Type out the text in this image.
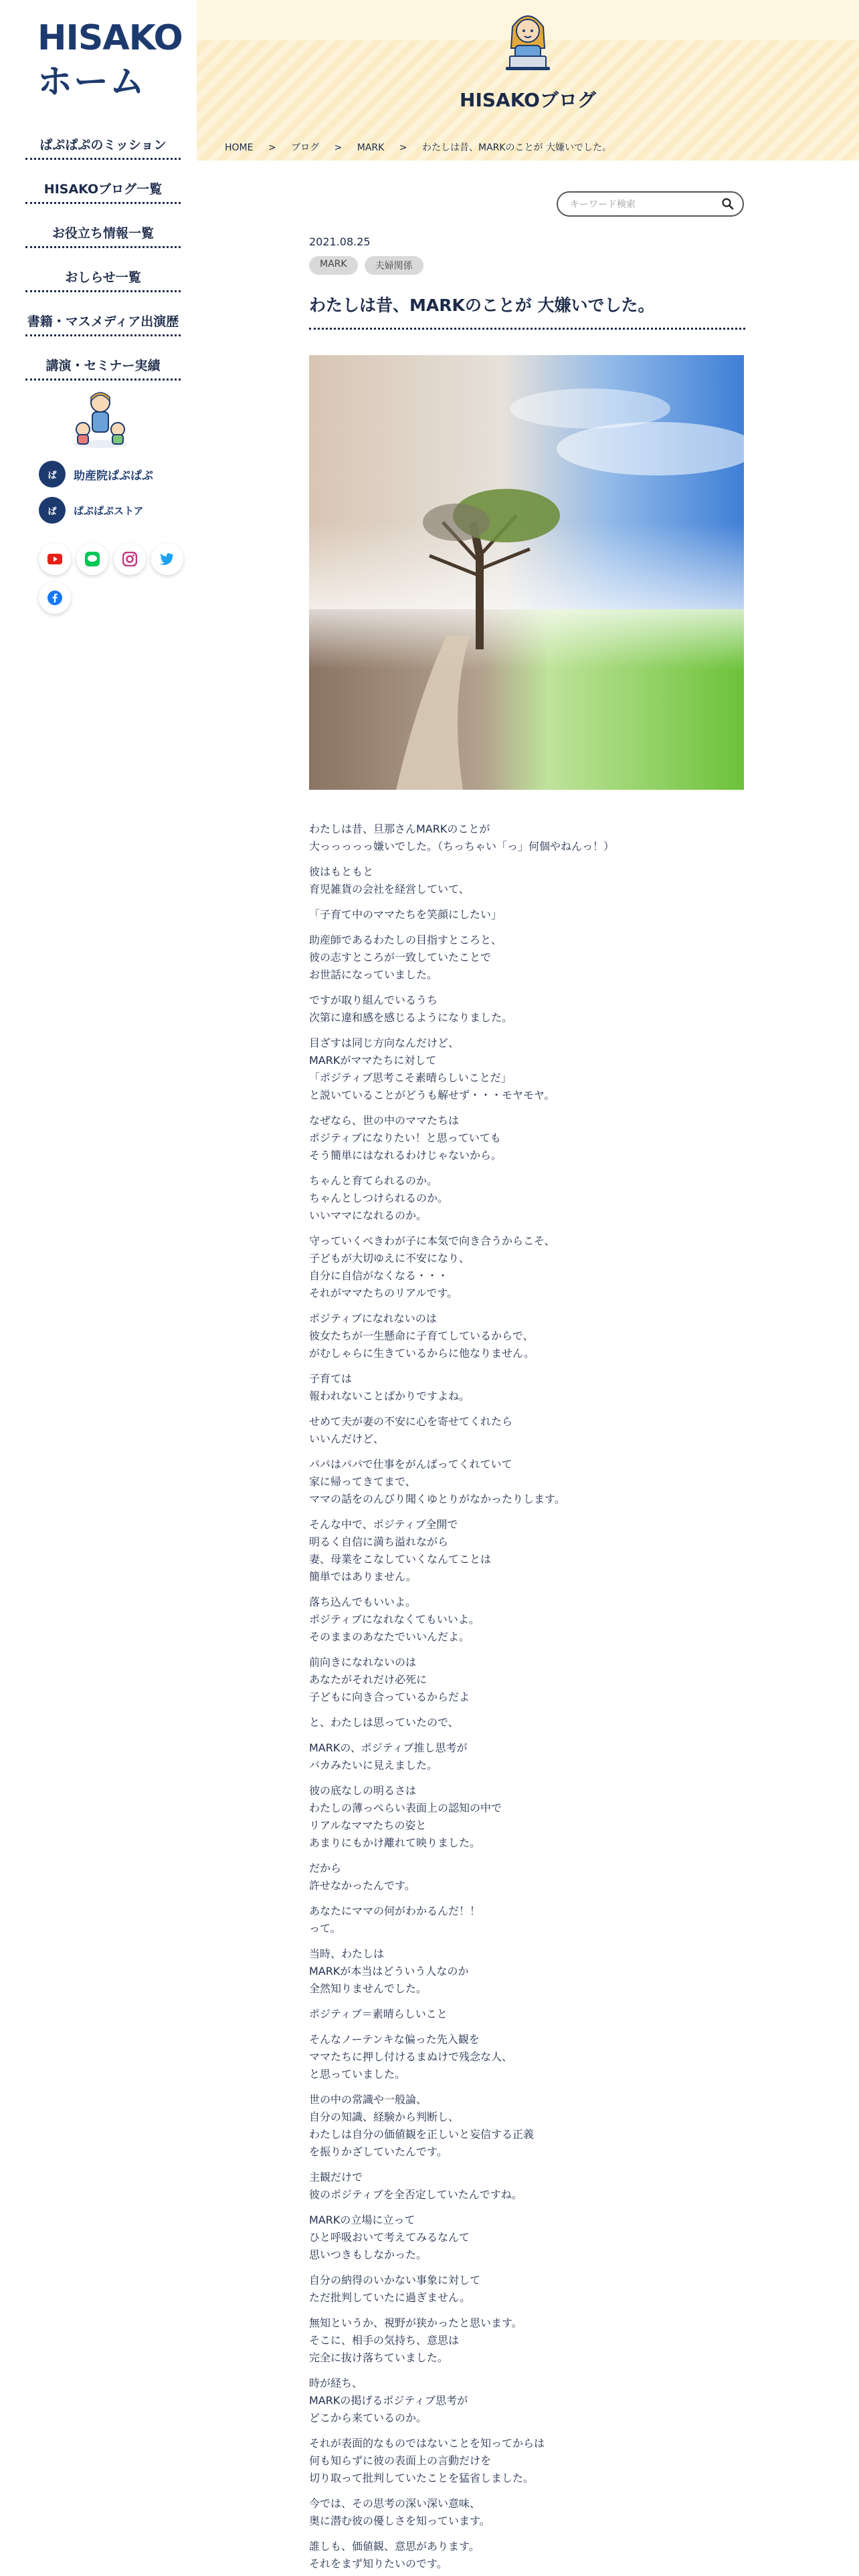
HISAKO
ホーム
ぱぷぱぷのミッション
HISAKOブログ一覧
お役立ち情報一覧
おしらせ一覧
書籍・マスメディア出演歴
講演・セミナー実績
ぱ	助産院ぱぷぱぷ
ぱ	ぱぷぱぷストア
HISAKOブログ
HOME > ブログ > MARK > わたしは昔、MARKのことが 大嫌いでした。
キーワード検索
2021.08.25
MARK	夫婦関係
わたしは昔、MARKのことが 大嫌いでした。

わたしは昔、旦那さんMARKのことが
大っっっっっ嫌いでした。（ちっちゃい「っ」何個やねんっ！）

彼はもともと
育児雑貨の会社を経営していて、

「子育て中のママたちを笑顔にしたい」

助産師であるわたしの目指すところと、
彼の志すところが一致していたことで
お世話になっていました。

ですが取り組んでいるうち
次第に違和感を感じるようになりました。

目ざすは同じ方向なんだけど、
MARKがママたちに対して
「ポジティブ思考こそ素晴らしいことだ」
と説いていることがどうも解せず・・・モヤモヤ。

なぜなら、世の中のママたちは
ポジティブになりたい！と思っていても
そう簡単にはなれるわけじゃないから。

ちゃんと育てられるのか。
ちゃんとしつけられるのか。
いいママになれるのか。

守っていくべきわが子に本気で向き合うからこそ、
子どもが大切ゆえに不安になり、
自分に自信がなくなる・・・
それがママたちのリアルです。

ポジティブになれないのは
彼女たちが一生懸命に子育てしているからで、
がむしゃらに生きているからに他なりません。

子育ては
報われないことばかりですよね。

せめて夫が妻の不安に心を寄せてくれたら
いいんだけど、

パパはパパで仕事をがんばってくれていて
家に帰ってきてまで、
ママの話をのんびり聞くゆとりがなかったりします。

そんな中で、ポジティブ全開で
明るく自信に満ち溢れながら
妻、母業をこなしていくなんてことは
簡単ではありません。

落ち込んでもいいよ。
ポジティブになれなくてもいいよ。
そのままのあなたでいいんだよ。

前向きになれないのは
あなたがそれだけ必死に
子どもに向き合っているからだよ

と、わたしは思っていたので、

MARKの、ポジティブ推し思考が
バカみたいに見えました。

彼の底なしの明るさは
わたしの薄っぺらい表面上の認知の中で
リアルなママたちの姿と
あまりにもかけ離れて映りました。

だから
許せなかったんです。

あなたにママの何がわかるんだ！！
って。

当時、わたしは
MARKが本当はどういう人なのか
全然知りませんでした。

ポジティブ＝素晴らしいこと

そんなノーテンキな偏った先入観を
ママたちに押し付けるまぬけで残念な人、
と思っていました。

世の中の常識や一般論、
自分の知識、経験から判断し、
わたしは自分の価値観を正しいと妄信する正義
を振りかざしていたんです。

主観だけで
彼のポジティブを全否定していたんですね。

MARKの立場に立って
ひと呼吸おいて考えてみるなんて
思いつきもしなかった。

自分の納得のいかない事象に対して
ただ批判していたに過ぎません。

無知というか、視野が狭かったと思います。
そこに、相手の気持ち、意思は
完全に抜け落ちていました。

時が経ち、
MARKの掲げるポジティブ思考が
どこから来ているのか。

それが表面的なものではないことを知ってからは
何も知らずに彼の表面上の言動だけを
切り取って批判していたことを猛省しました。

今では、その思考の深い深い意味、
奥に潜む彼の優しさを知っています。

誰しも、価値観、意思があります。
それをまず知りたいのです。
